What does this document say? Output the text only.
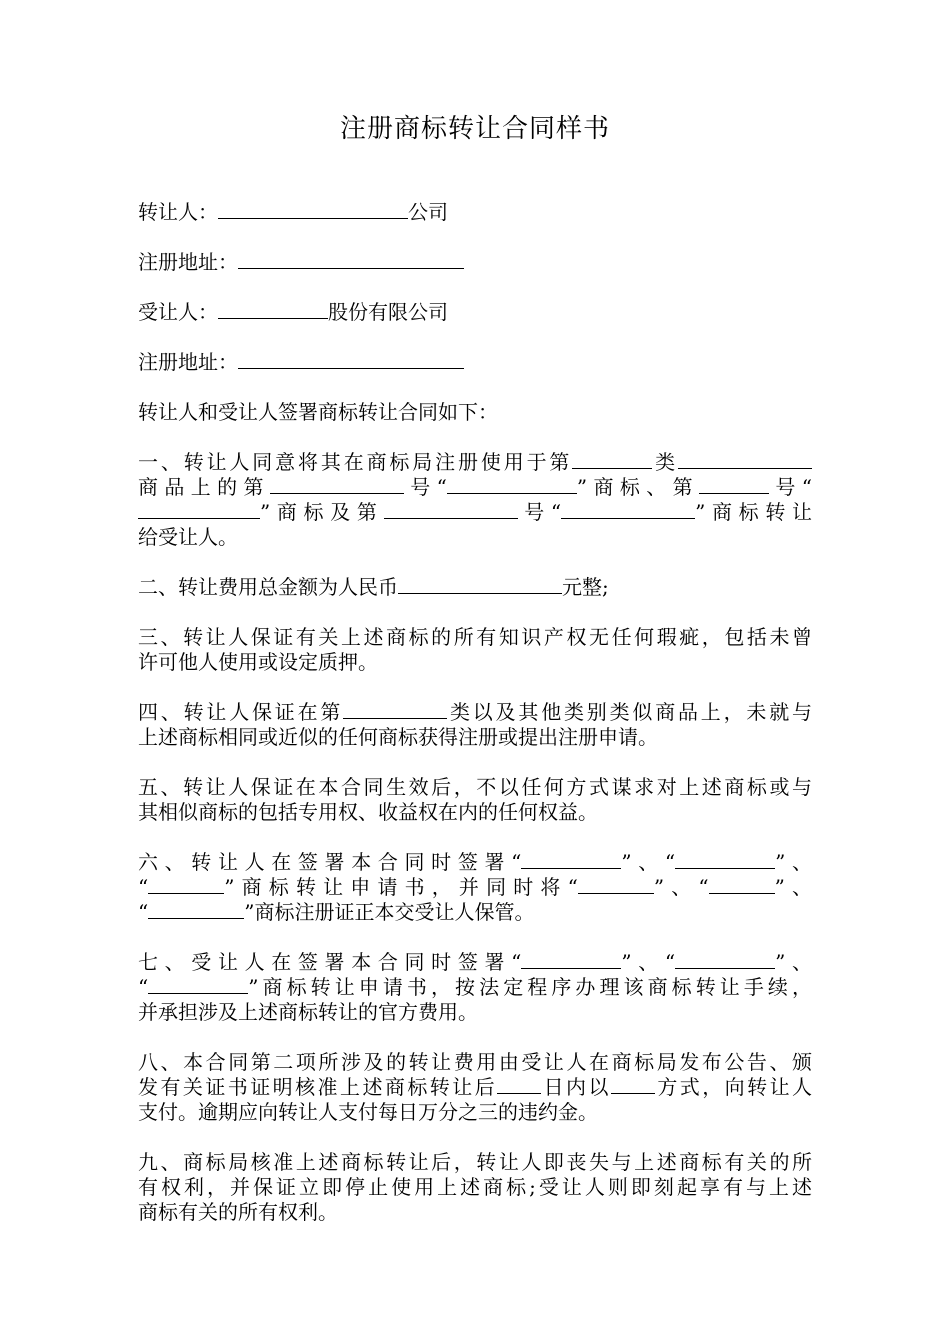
注册商标转让合同样书
转让人：	公司
注册地址：
受让人：	股份有限公司
注册地址：
转让人和受让人签署商标转让合同如下：
一、转让人同意将其在商标局注册使用于第	类
商品上的第	号“	”商标、第	号“
”商标及第	号“	”商标转让
给受让人。
二、转让费用总金额为人民币	元整;
三、转让人保证有关上述商标的所有知识产权无任何瑕疵，包括未曾
许可他人使用或设定质押。
四、转让人保证在第	类以及其他类别类似商品上，未就与
上述商标相同或近似的任何商标获得注册或提出注册申请。
五、转让人保证在本合同生效后，不以任何方式谋求对上述商标或与
其相似商标的包括专用权、收益权在内的任何权益。
六、转让人在签署本合同时签署“	”、“	”、
“	”商标转让申请书，并同时将“	”、“	”、
“	”商标注册证正本交受让人保管。
七、受让人在签署本合同时签署“	”、“	”、
“	”商标转让申请书，按法定程序办理该商标转让手续，
并承担涉及上述商标转让的官方费用。
八、本合同第二项所涉及的转让费用由受让人在商标局发布公告、颁
发有关证书证明核准上述商标转让后 日内以 方式，向转让人
支付。逾期应向转让人支付每日万分之三的违约金。
九、商标局核准上述商标转让后，转让人即丧失与上述商标有关的所
有权利，并保证立即停止使用上述商标;受让人则即刻起享有与上述
商标有关的所有权利。
